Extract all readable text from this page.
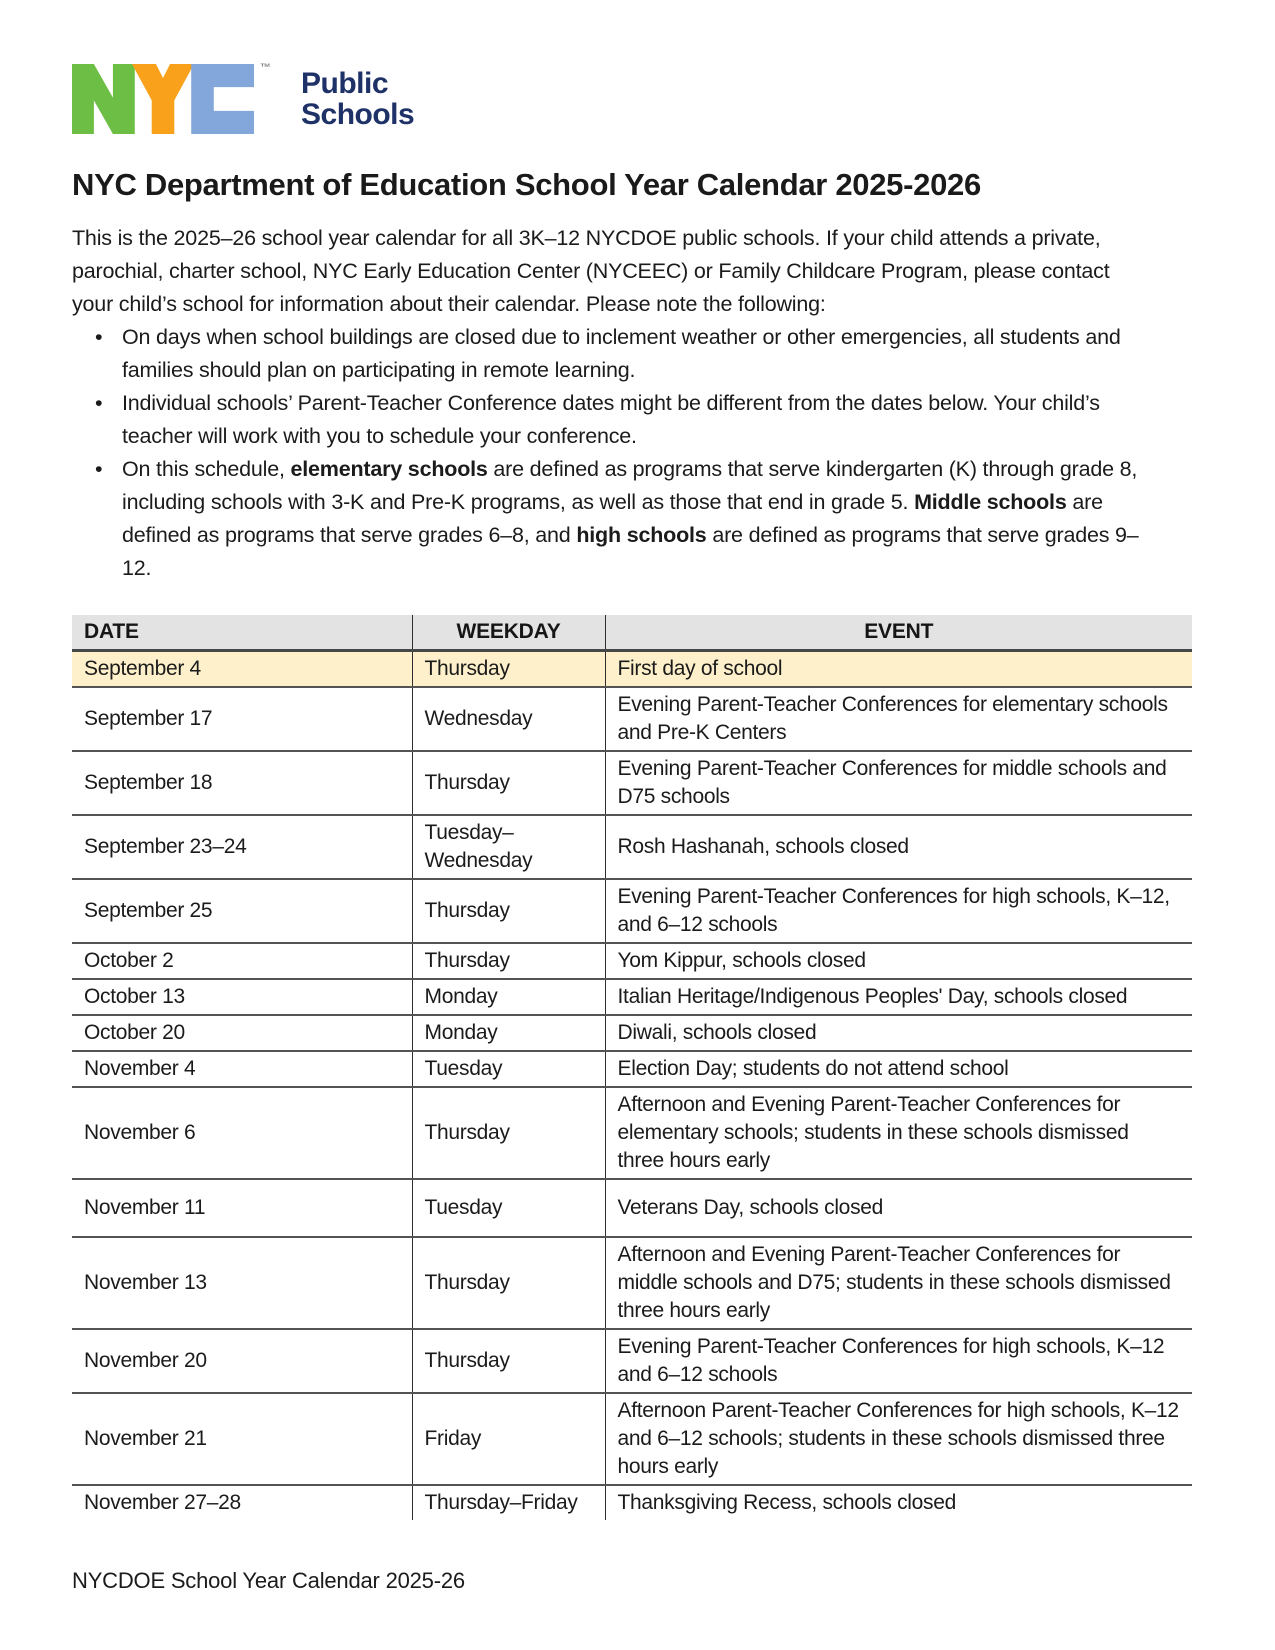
™ Public
Schools
NYC Department of Education School Year Calendar 2025-2026

This is the 2025–26 school year calendar for all 3K–12 NYCDOE public schools. If your child attends a private, parochial, charter school, NYC Early Education Center (NYCEEC) or Family Childcare Program, please contact your child’s school for information about their calendar. Please note the following:

• On days when school buildings are closed due to inclement weather or other emergencies, all students and families should plan on participating in remote learning.
• Individual schools’ Parent-Teacher Conference dates might be different from the dates below. Your child’s teacher will work with you to schedule your conference.
• On this schedule, elementary schools are defined as programs that serve kindergarten (K) through grade 8, including schools with 3-K and Pre-K programs, as well as those that end in grade 5. Middle schools are defined as programs that serve grades 6–8, and high schools are defined as programs that serve grades 9–12.
DATE	WEEKDAY	EVENT
September 4	Thursday	First day of school
September 17	Wednesday	Evening Parent-Teacher Conferences for elementary schools and Pre-K Centers
September 18	Thursday	Evening Parent-Teacher Conferences for middle schools and D75 schools
September 23–24	Tuesday–Wednesday	Rosh Hashanah, schools closed
September 25	Thursday	Evening Parent-Teacher Conferences for high schools, K–12, and 6–12 schools
October 2	Thursday	Yom Kippur, schools closed
October 13	Monday	Italian Heritage/Indigenous Peoples' Day, schools closed
October 20	Monday	Diwali, schools closed
November 4	Tuesday	Election Day; students do not attend school
November 6	Thursday	Afternoon and Evening Parent-Teacher Conferences for elementary schools; students in these schools dismissed three hours early
November 11	Tuesday	Veterans Day, schools closed
November 13	Thursday	Afternoon and Evening Parent-Teacher Conferences for middle schools and D75; students in these schools dismissed three hours early
November 20	Thursday	Evening Parent-Teacher Conferences for high schools, K–12 and 6–12 schools
November 21	Friday	Afternoon Parent-Teacher Conferences for high schools, K–12 and 6–12 schools; students in these schools dismissed three hours early
November 27–28	Thursday–Friday	Thanksgiving Recess, schools closed
NYCDOE School Year Calendar 2025-26
